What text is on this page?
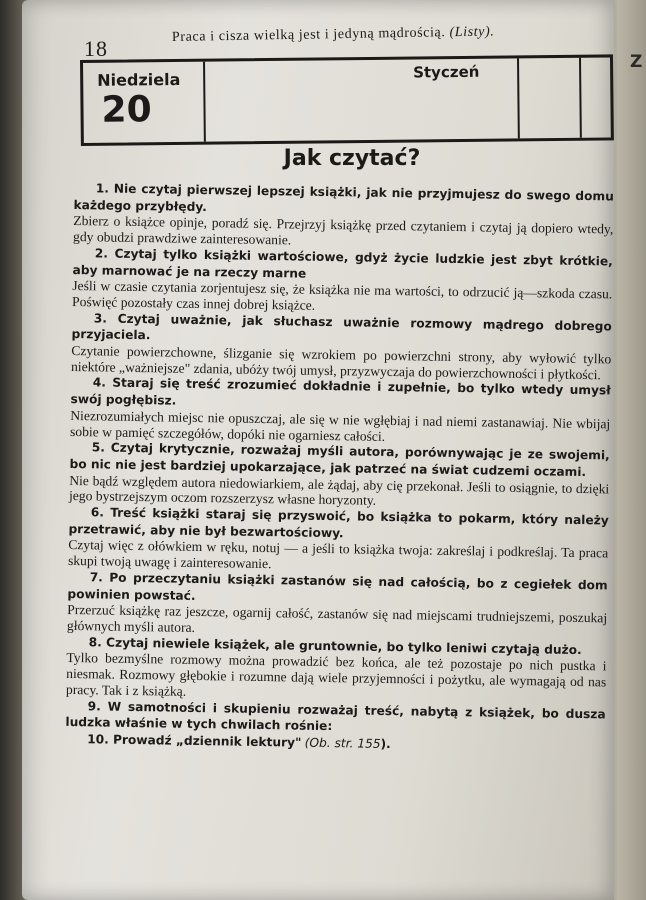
Z
18
Praca i cisza wielką jest i jedyną mądrością. (Listy).
Niedziela
20
Styczeń
Jak czytać?

1. Nie czytaj pierwszej lepszej książki, jak nie przyjmujesz do swego domu każdego przybłędy.
Zbierz o książce opinje, poradź się. Przejrzyj książkę przed czytaniem i czytaj ją dopiero wtedy, gdy obudzi prawdziwe zainteresowanie.

2. Czytaj tylko książki wartościowe, gdyż życie ludzkie jest zbyt krótkie, aby marnować je na rzeczy marne
Jeśli w czasie czytania zorjentujesz się, że książka nie ma wartości, to odrzucić ją—szkoda czasu. Poświęć pozostały czas innej dobrej książce.

3. Czytaj uważnie, jak słuchasz uważnie rozmowy mądrego dobrego przyjaciela.
Czytanie powierzchowne, ślizganie się wzrokiem po powierzchni strony, aby wyłowić tylko niektóre „ważniejsze" zdania, ubóży twój umysł, przyzwyczaja do powierzchowności i płytkości.

4. Staraj się treść zrozumieć dokładnie i zupełnie, bo tylko wtedy umysł swój pogłębisz.
Niezrozumiałych miejsc nie opuszczaj, ale się w nie wgłębiaj i nad niemi zastanawiaj. Nie wbijaj sobie w pamięć szczegółów, dopóki nie ogarniesz całości.

5. Czytaj krytycznie, rozważaj myśli autora, porównywając je ze swojemi, bo nic nie jest bardziej upokarzające, jak patrzeć na świat cudzemi oczami.
Nie bądź względem autora niedowiarkiem, ale żądaj, aby cię przekonał. Jeśli to osiągnie, to dzięki jego bystrzejszym oczom rozszerzysz własne horyzonty.

6. Treść książki staraj się przyswoić, bo książka to pokarm, który należy przetrawić, aby nie był bezwartościowy.
Czytaj więc z ołówkiem w ręku, notuj — a jeśli to książka twoja: zakreślaj i podkreślaj. Ta praca skupi twoją uwagę i zainteresowanie.

7. Po przeczytaniu książki zastanów się nad całością, bo z cegiełek dom powinien powstać.
Przerzuć książkę raz jeszcze, ogarnij całość, zastanów się nad miejscami trudniejszemi, poszukaj głównych myśli autora.

8. Czytaj niewiele książek, ale gruntownie, bo tylko leniwi czytają dużo.
Tylko bezmyślne rozmowy można prowadzić bez końca, ale też pozostaje po nich pustka i niesmak. Rozmowy głębokie i rozumne dają wiele przyjemności i pożytku, ale wymagają od nas pracy. Tak i z książką.

9. W samotności i skupieniu rozważaj treść, nabytą z książek, bo dusza ludzka właśnie w tych chwilach rośnie:

10. Prowadź „dziennik lektury" (Ob. str. 155).
